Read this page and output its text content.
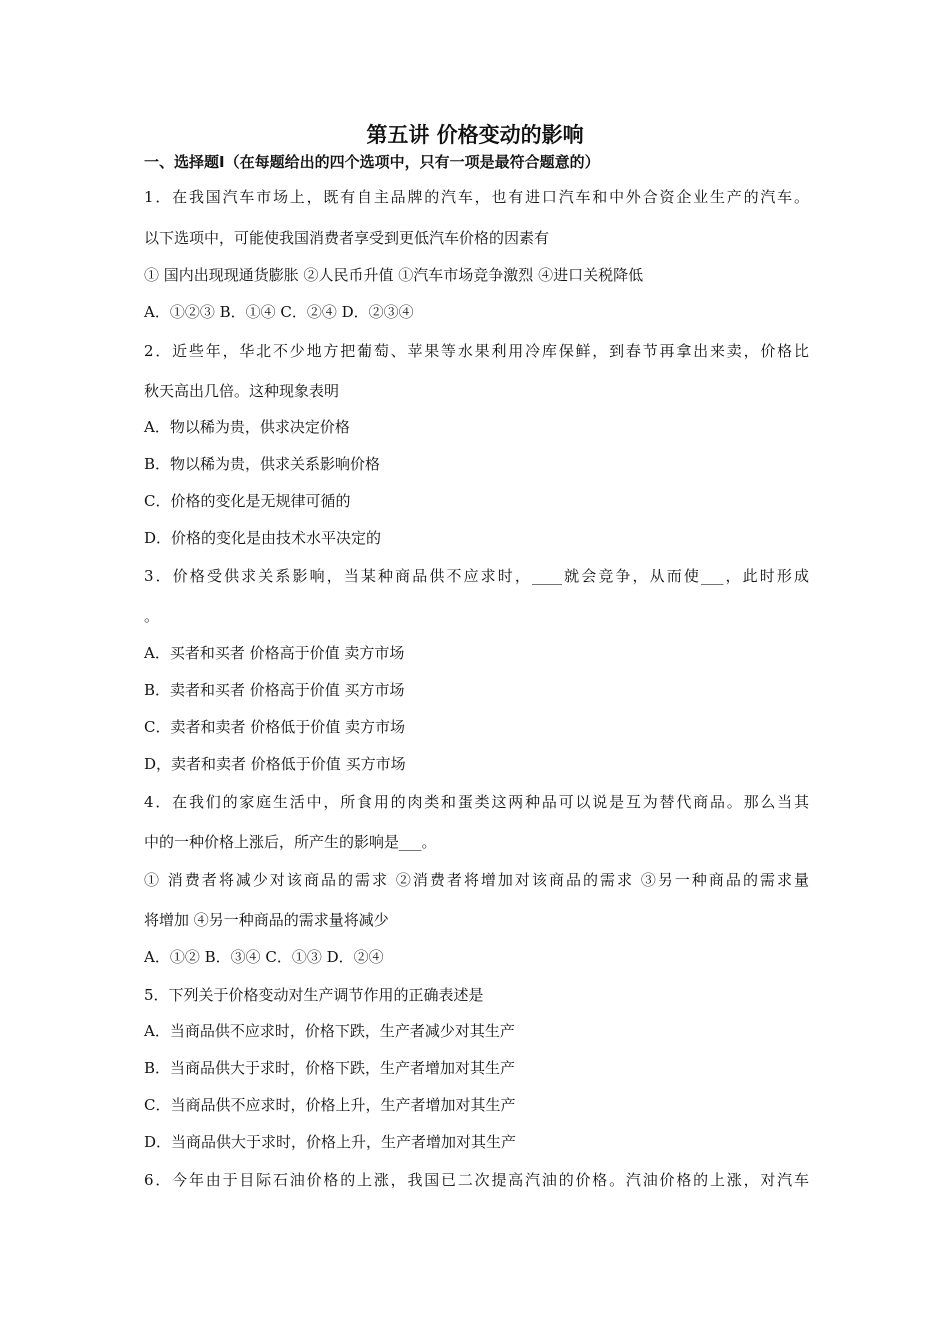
第五讲 价格变动的影响
一、选择题Ⅰ（在每题给出的四个选项中，只有一项是最符合题意的）
1．在我国汽车市场上，既有自主品牌的汽车，也有进口汽车和中外合资企业生产的汽车。
以下选项中，可能使我国消费者享受到更低汽车价格的因素有
① 国内出现现通货膨胀 ②人民币升值 ①汽车市场竞争激烈 ④进口关税降低
A．①②③ B．①④ C．②④ D．②③④
2．近些年，华北不少地方把葡萄、苹果等水果利用冷库保鲜，到春节再拿出来卖，价格比
秋天高出几倍。这种现象表明
A．物以稀为贵，供求决定价格
B．物以稀为贵，供求关系影响价格
C．价格的变化是无规律可循的
D．价格的变化是由技术水平决定的
3．价格受供求关系影响，当某种商品供不应求时，____就会竞争，从而使___，此时形成
。
A．买者和买者 价格高于价值 卖方市场
B．卖者和买者 价格高于价值 买方市场
C．卖者和卖者 价格低于价值 卖方市场
D，卖者和卖者 价格低于价值 买方市场
4．在我们的家庭生活中，所食用的肉类和蛋类这两种品可以说是互为替代商品。那么当其
中的一种价格上涨后，所产生的影响是___。
① 消费者将减少对该商品的需求 ②消费者将增加对该商品的需求 ③另一种商品的需求量
将增加 ④另一种商品的需求量将减少
A．①② B．③④ C．①③ D．②④
5．下列关于价格变动对生产调节作用的正确表述是
A．当商品供不应求时，价格下跌，生产者减少对其生产
B．当商品供大于求时，价格下跌，生产者增加对其生产
C．当商品供不应求时，价格上升，生产者增加对其生产
D．当商品供大于求时，价格上升，生产者增加对其生产
6．今年由于目际石油价格的上涨，我国已二次提高汽油的价格。汽油价格的上涨，对汽车
